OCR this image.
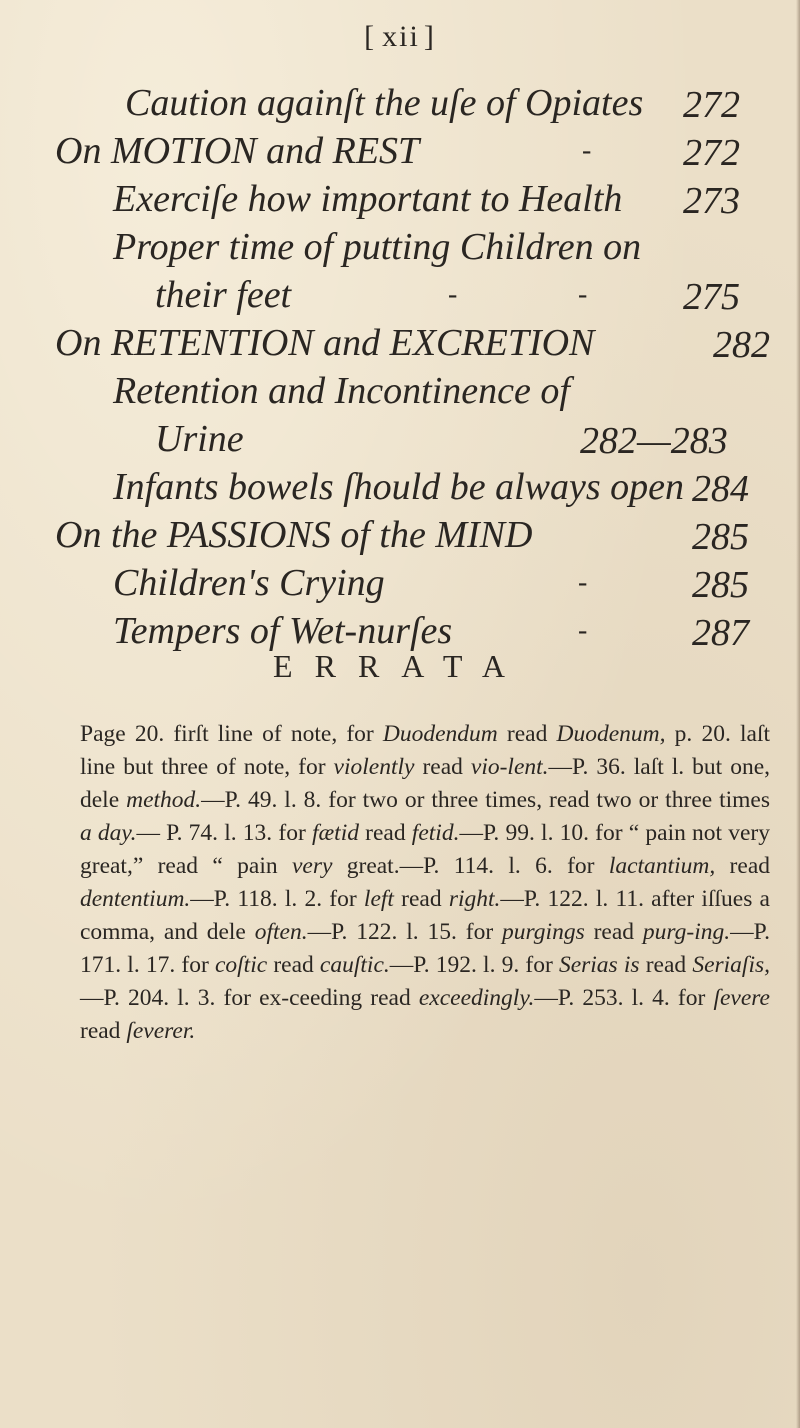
[ xii ]
Caution againſt the uſe of Opiates 272
On MOTION and REST	- 272
Exerciſe how important to Health 273
Proper time of putting Children on
their feet	-	-	275
On RETENTION and EXCRETION	282
Retention and Incontinence of
Urine	282—283
Infants bowels ſhould be always open 284
On the PASSIONS of the MIND	285
Children's Crying	-	285
Tempers of Wet-nurſes	-	287
ERRATA

Page 20. firſt line of note, for Duodendum read Duodenum, p. 20. laſt line but three of note, for violently read vio-lent.—P. 36. laſt l. but one, dele method.—P. 49. l. 8. for two or three times, read two or three times a day.— P. 74. l. 13. for fætid read fetid.—P. 99. l. 10. for “ pain not very great,” read “ pain very great.—P. 114. l. 6. for lactantium, read dententium.—P. 118. l. 2. for left read right.—P. 122. l. 11. after iſſues a comma, and dele often.—P. 122. l. 15. for purgings read purg-ing.—P. 171. l. 17. for coſtic read cauſtic.—P. 192. l. 9. for Serias is read Seriaſis,—P. 204. l. 3. for ex-ceeding read exceedingly.—P. 253. l. 4. for ſevere read ſeverer.
